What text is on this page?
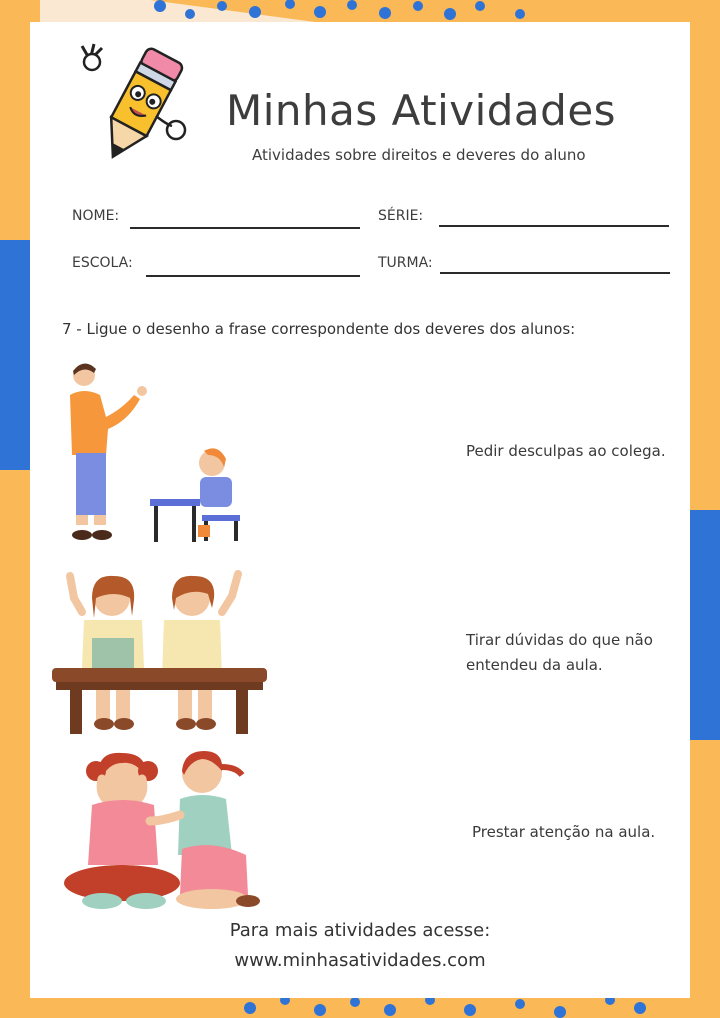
Minhas Atividades
Atividades sobre direitos e deveres do aluno
NOME:	SÉRIE:
ESCOLA:	TURMA:
7 - Ligue o desenho a frase correspondente dos deveres dos alunos:
Pedir desculpas ao colega.
Tirar dúvidas do que não
entendeu da aula.
Prestar atenção na aula.
Para mais atividades acesse:
www.minhasatividades.com
